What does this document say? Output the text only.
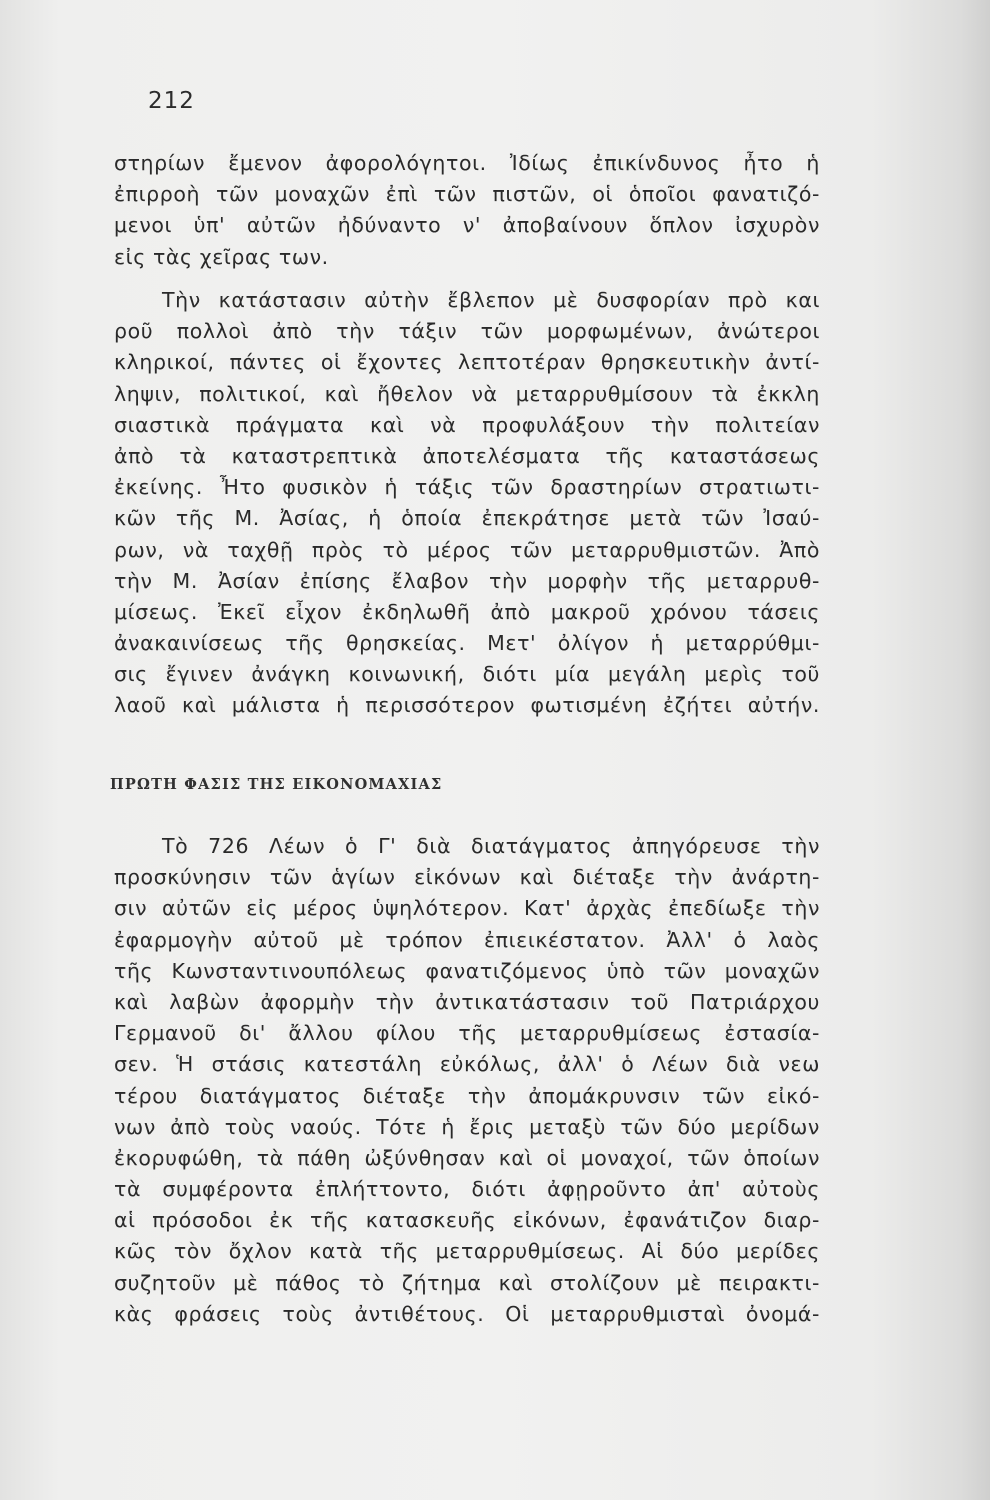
212
στηρίων ἔμενον ἀφορολόγητοι. Ἰδίως ἐπικίνδυνος ἦτο ἡ
ἐπιρροὴ τῶν μοναχῶν ἐπὶ τῶν πιστῶν, οἱ ὁποῖοι φανατιζό-
μενοι ὑπ' αὐτῶν ἠδύναντο ν' ἀποβαίνουν ὅπλον ἰσχυρὸν
εἰς τὰς χεῖρας των.
Τὴν κατάστασιν αὐτὴν ἔβλεπον μὲ δυσφορίαν πρὸ και
ροῦ πολλοὶ ἀπὸ τὴν τάξιν τῶν μορφωμένων, ἀνώτεροι
κληρικοί, πάντες οἱ ἔχοντες λεπτοτέραν θρησκευτικὴν ἀντί-
ληψιν, πολιτικοί, καὶ ἤθελον νὰ μεταρρυθμίσουν τὰ ἐκκλη
σιαστικὰ πράγματα καὶ νὰ προφυλάξουν τὴν πολιτείαν
ἀπὸ τὰ καταστρεπτικὰ ἀποτελέσματα τῆς καταστάσεως
ἐκείνης. Ἦτο φυσικὸν ἡ τάξις τῶν δραστηρίων στρατιωτι-
κῶν τῆς Μ. Ἀσίας, ἡ ὁποία ἐπεκράτησε μετὰ τῶν Ἰσαύ-
ρων, νὰ ταχθῇ πρὸς τὸ μέρος τῶν μεταρρυθμιστῶν. Ἀπὸ
τὴν Μ. Ἀσίαν ἐπίσης ἔλαβον τὴν μορφὴν τῆς μεταρρυθ-
μίσεως. Ἐκεῖ εἶχον ἐκδηλωθῆ ἀπὸ μακροῦ χρόνου τάσεις
ἀνακαινίσεως τῆς θρησκείας. Μετ' ὀλίγον ἡ μεταρρύθμι-
σις ἔγινεν ἀνάγκη κοινωνική, διότι μία μεγάλη μερὶς τοῦ
λαοῦ καὶ μάλιστα ἡ περισσότερον φωτισμένη ἐζήτει αὐτήν.
ΠΡΩΤΗ ΦΑΣΙΣ ΤΗΣ ΕΙΚΟΝΟΜΑΧΙΑΣ
Τὸ 726 Λέων ὁ Γ' διὰ διατάγματος ἀπηγόρευσε τὴν
προσκύνησιν τῶν ἁγίων εἰκόνων καὶ διέταξε τὴν ἀνάρτη-
σιν αὐτῶν εἰς μέρος ὑψηλότερον. Κατ' ἀρχὰς ἐπεδίωξε τὴν
ἐφαρμογὴν αὐτοῦ μὲ τρόπον ἐπιεικέστατον. Ἀλλ' ὁ λαὸς
τῆς Κωνσταντινουπόλεως φανατιζόμενος ὑπὸ τῶν μοναχῶν
καὶ λαβὼν ἀφορμὴν τὴν ἀντικατάστασιν τοῦ Πατριάρχου
Γερμανοῦ δι' ἄλλου φίλου τῆς μεταρρυθμίσεως ἐστασία-
σεν. Ἡ στάσις κατεστάλη εὐκόλως, ἀλλ' ὁ Λέων διὰ νεω
τέρου διατάγματος διέταξε τὴν ἀπομάκρυνσιν τῶν εἰκό-
νων ἀπὸ τοὺς ναούς. Τότε ἡ ἔρις μεταξὺ τῶν δύο μερίδων
ἐκορυφώθη, τὰ πάθη ὠξύνθησαν καὶ οἱ μοναχοί, τῶν ὁποίων
τὰ συμφέροντα ἐπλήττοντο, διότι ἀφῃροῦντο ἀπ' αὐτοὺς
αἱ πρόσοδοι ἐκ τῆς κατασκευῆς εἰκόνων, ἐφανάτιζον διαρ-
κῶς τὸν ὄχλον κατὰ τῆς μεταρρυθμίσεως. Αἱ δύο μερίδες
συζητοῦν μὲ πάθος τὸ ζήτημα καὶ στολίζουν μὲ πειρακτι-
κὰς φράσεις τοὺς ἀντιθέτους. Οἱ μεταρρυθμισταὶ ὀνομά-
